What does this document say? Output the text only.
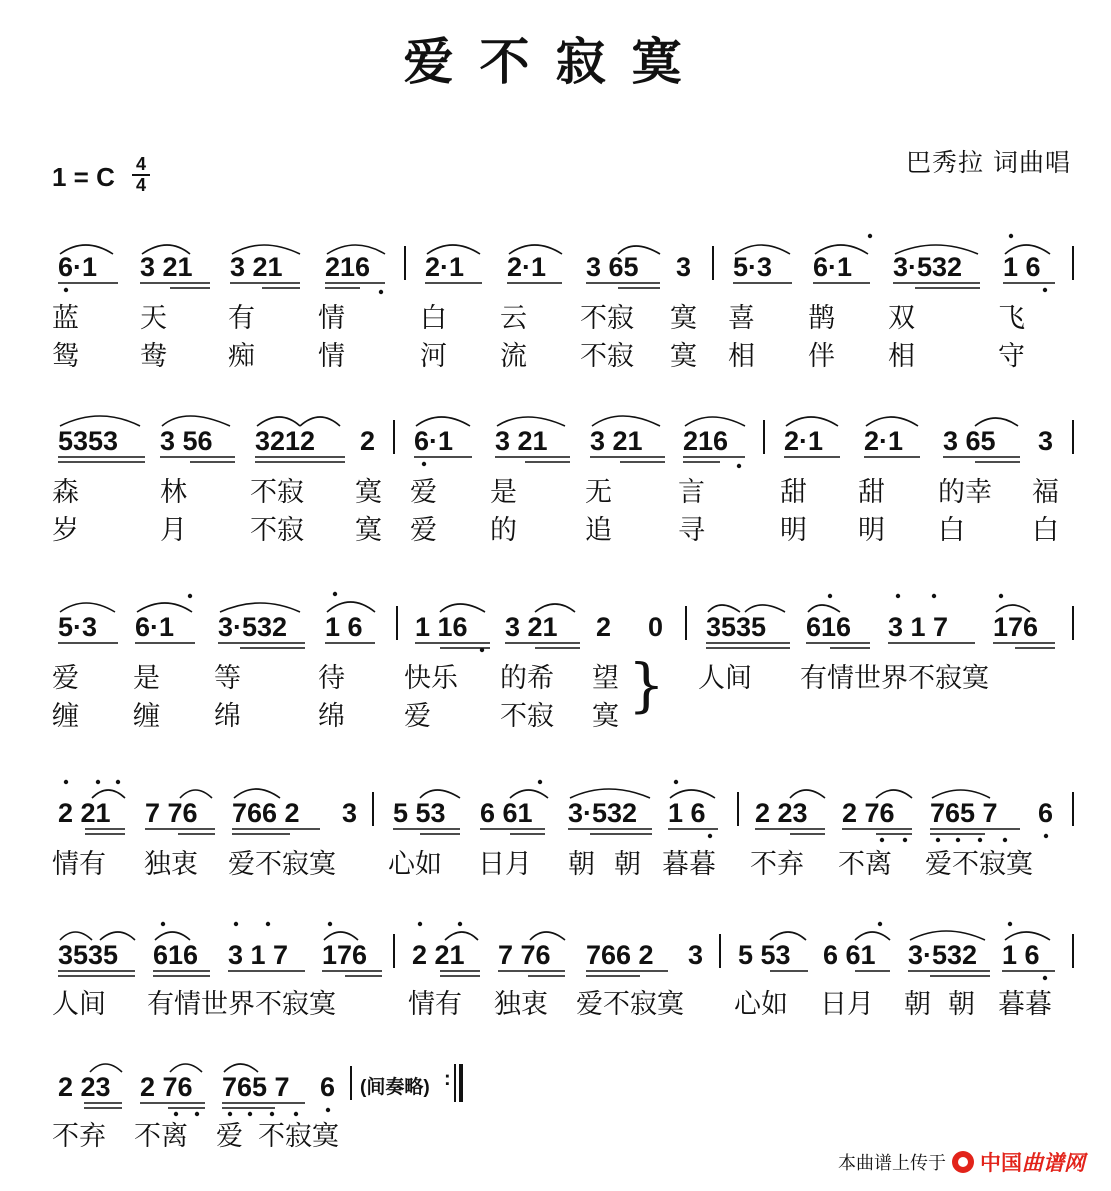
爱不寂寞
巴秀拉 词曲唱
1 = C 4
4
6·1 3 21 3 21 216 2·1 2·1 3 65 3 5·3 6·1 3·532 1 6
蓝 天 有 情	白 云 不寂 寞 喜 鹊 双	飞
鸳 鸯 痴 情	河 流 不寂 寞 相 伴 相	守
5353 3 56 3212 2 6·1 3 21 3 21 216 2·1 2·1 3 65 3
森	林 不寂 寞 爱 是	无 言	甜 甜 的幸 福
岁	月 不寂 寞 爱 的	追 寻	明 明 白 白
5·3 6·1 3·532 1 6 1 16 3 21 2 0 3535 616 3 1 7 176
爱 是 等	待 快乐 的希 望	人间 有情世界不寂寞
缠 缠 绵	绵 爱	不寂 寞 }
2 21 7 76 766 2 3 5 53 6 61 3·532 1 6 2 23 2 76 765 7 6
情有 独衷 爱不寂寞 心如 日月 朝 朝 暮暮 不弃 不离 爱不寂寞
3535 616 3 1 7 176 2 21 7 76 766 2 3 5 53 6 61 3·532 1 6
人间 有情世界不寂寞	情有 独衷 爱不寂寞 心如 日月 朝 朝 暮暮
2 23 2 76 765 7 6 (间奏略) :
不弃 不离 爱 不寂寞
本曲谱上传于 中国曲谱网
